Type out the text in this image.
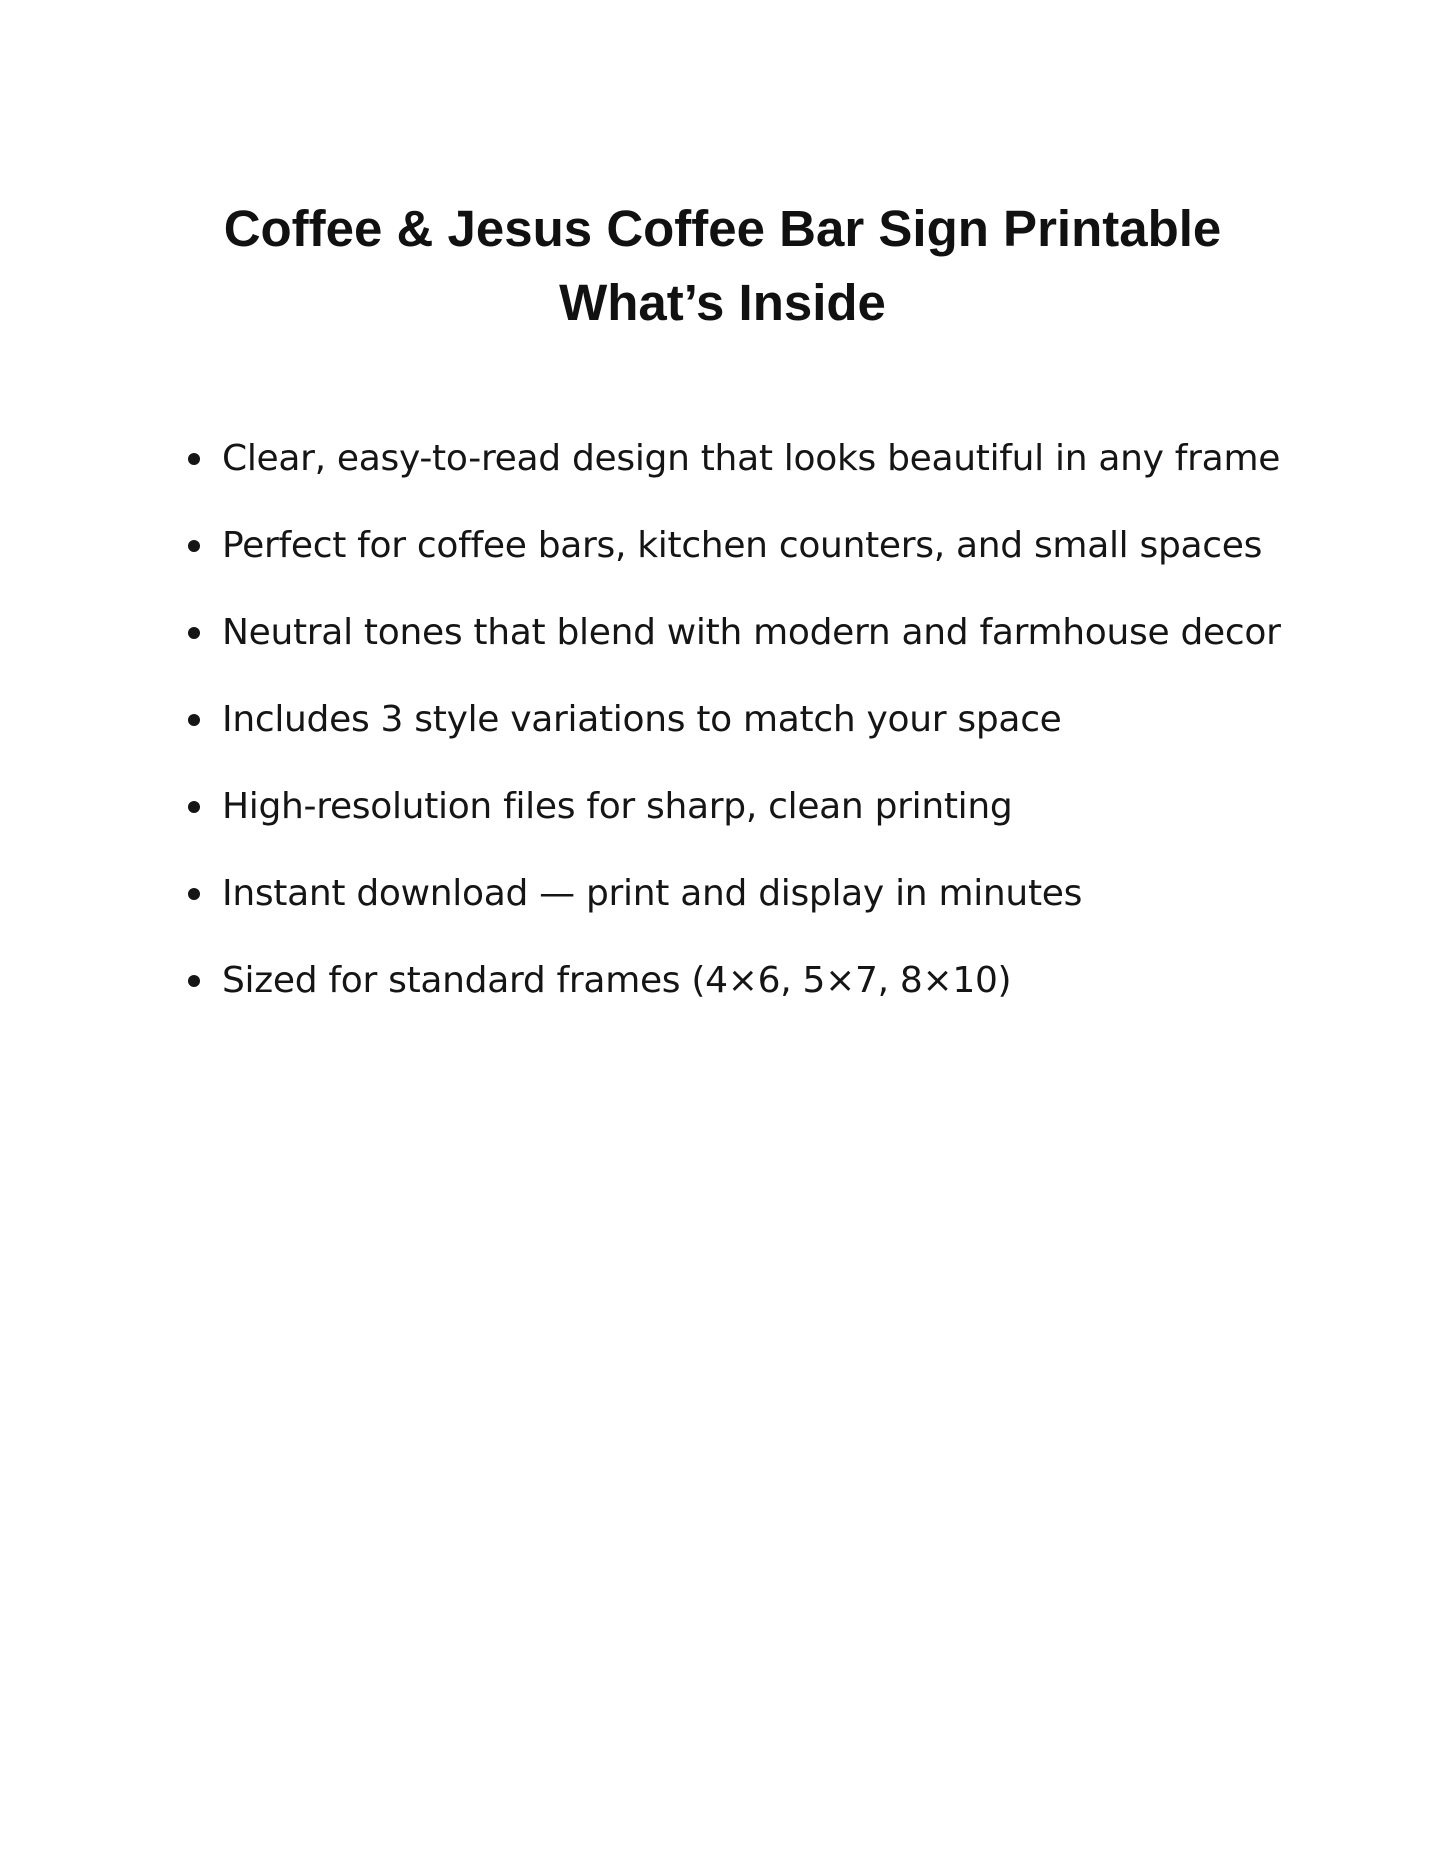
Coffee & Jesus Coffee Bar Sign Printable
What’s Inside
Clear, easy-to-read design that looks beautiful in any frame
Perfect for coffee bars, kitchen counters, and small spaces
Neutral tones that blend with modern and farmhouse decor
Includes 3 style variations to match your space
High-resolution files for sharp, clean printing
Instant download — print and display in minutes
Sized for standard frames (4×6, 5×7, 8×10)
